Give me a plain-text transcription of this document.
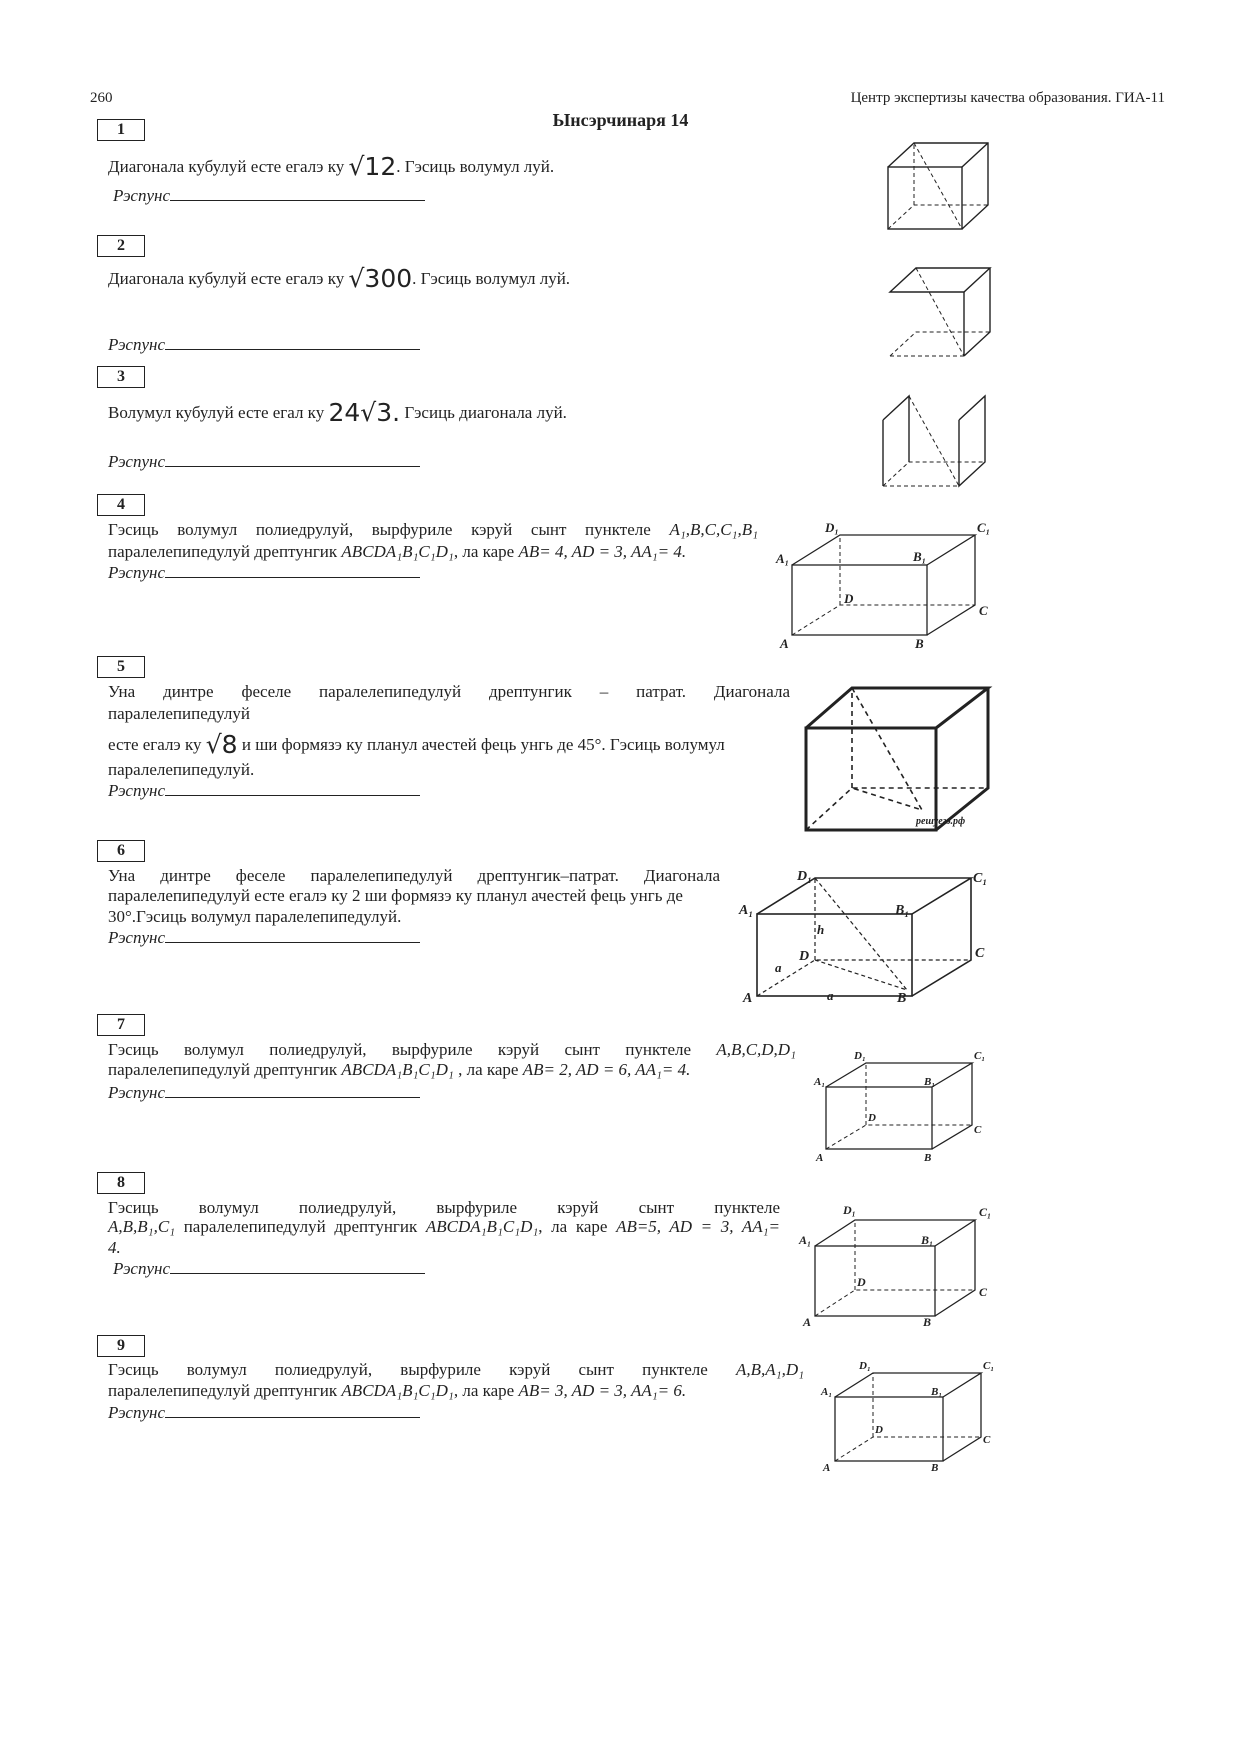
260	Центр экспертизы качества образования. ГИА-11
Ынсэрчинаря 14
1
Диагонала кубулуй есте егалэ ку √12. Гэсиць волумул луй.
Рэспунс
2
Диагонала кубулуй есте егалэ ку √300. Гэсиць волумул луй.
Рэспунс
3
Волумул кубулуй есте егал ку 24√3. Гэсиць диагонала луй.
Рэспунс
4
Гэсиць волумул полиедрулуй, вырфуриле кэруй сынт пунктеле A₁,B,C,C₁,B₁
паралелепипедулуй дрептунгик ABCDA₁B₁C₁D₁, ла каре AB= 4, AD = 3, AA₁= 4.
Рэспунс
D₁	C₁
A₁	B₁
D
C
A	B
5
Уна динтре феceле паралелепипедулуй дрептунгик – патрат. Диагонала
паралелепипедулуй
есте егалэ ку √8 и ши формязэ ку планул ачестей фець унгь де 45°. Гэсиць волумул
паралелепипедулуй.
Рэспунс
решуегэ.рф
6
Уна динтре феceле паралелепипедулуй дрептунгик–патрат. Диагонала
паралелепипедулуй есте егалэ ку 2 ши формязэ ку планул ачестей фець унгь де
30°.Гэсиць волумул паралелепипедулуй.
Рэспунс
D₁	C₁
A₁	B₁
h
D	C
a
a
A	B
7
Гэсиць волумул полиедрулуй, вырфуриле кэруй сынт пунктеле A,B,C,D,D₁
паралелепипедулуй дрептунгик ABCDA₁B₁C₁D₁ , ла каре AB= 2, AD = 6, AA₁= 4.
Рэспунс
D₁	C₁
A₁	B₁
D
C
A	B
8
Гэсиць волумул полиедрулуй, вырфуриле кэруй сынт пунктеле
A,B,B₁,C₁ паралелепипедулуй дрептунгик ABCDA₁B₁C₁D₁, ла каре AB=5, AD = 3, AA₁=
4.
Рэспунс
D₁	C₁
A₁	B₁
D
C
A	B
9
Гэсиць волумул полиедрулуй, вырфуриле кэруй сынт пунктеле A,B,A₁,D₁
паралелепипедулуй дрептунгик ABCDA₁B₁C₁D₁, ла каре AB= 3, AD = 3, AA₁= 6.
Рэспунс
D₁	C₁
A₁	B₁
D
C
A	B
